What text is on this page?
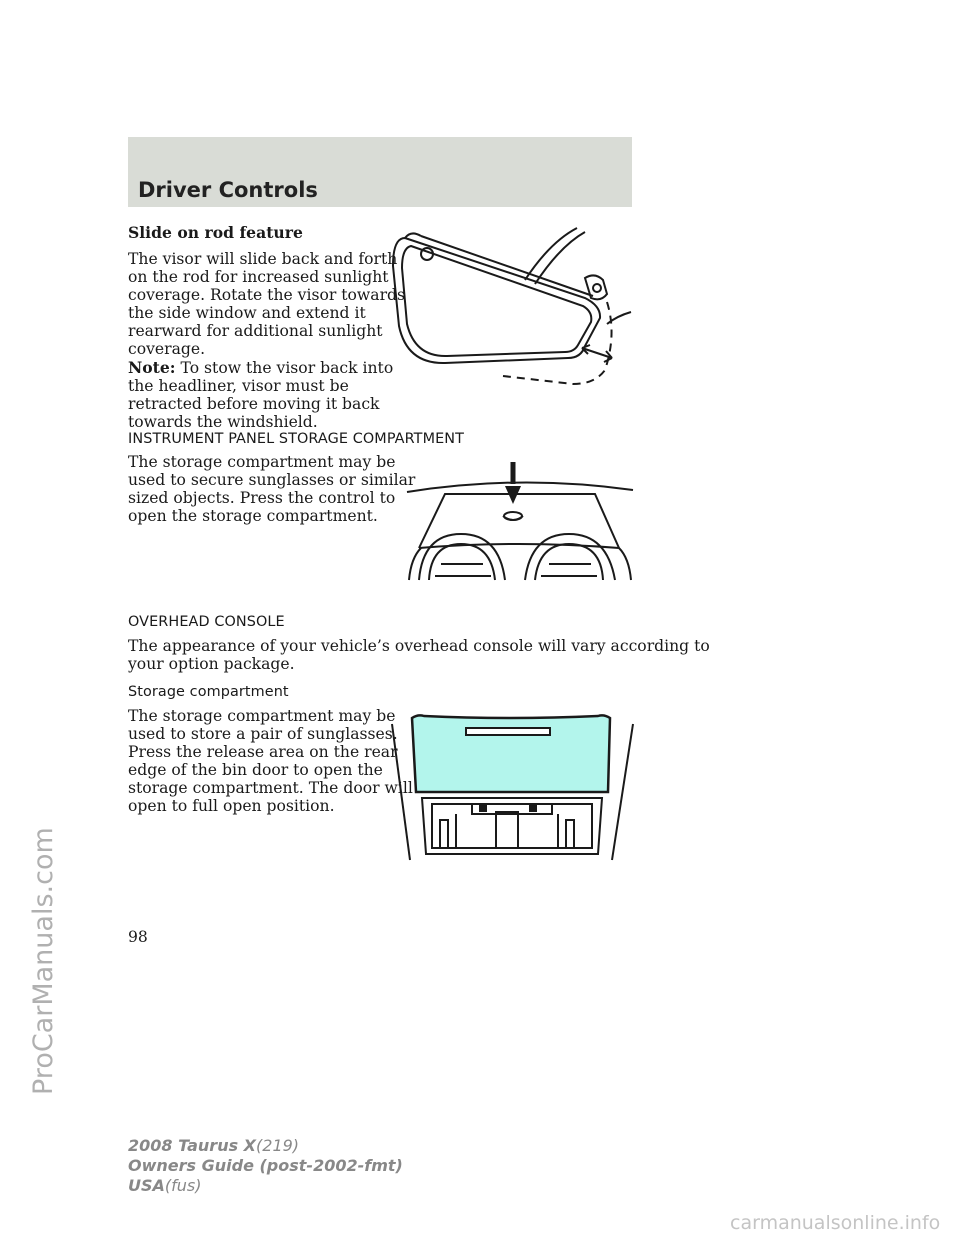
Driver Controls
Slide on rod feature
The visor will slide back and forth
on the rod for increased sunlight
coverage. Rotate the visor towards
the side window and extend it
rearward for additional sunlight
coverage.
Note: To stow the visor back into
the headliner, visor must be
retracted before moving it back
towards the windshield.
INSTRUMENT PANEL STORAGE COMPARTMENT
The storage compartment may be
used to secure sunglasses or similar
sized objects. Press the control to
open the storage compartment.
OVERHEAD CONSOLE
The appearance of your vehicle’s overhead console will vary according to
your option package.
Storage compartment
The storage compartment may be
used to store a pair of sunglasses.
Press the release area on the rear
edge of the bin door to open the
storage compartment. The door will
open to full open position.
98
2008 Taurus X(219)
Owners Guide (post-2002-fmt)
USA(fus)
ProCarManuals.com
carmanualsonline.info
